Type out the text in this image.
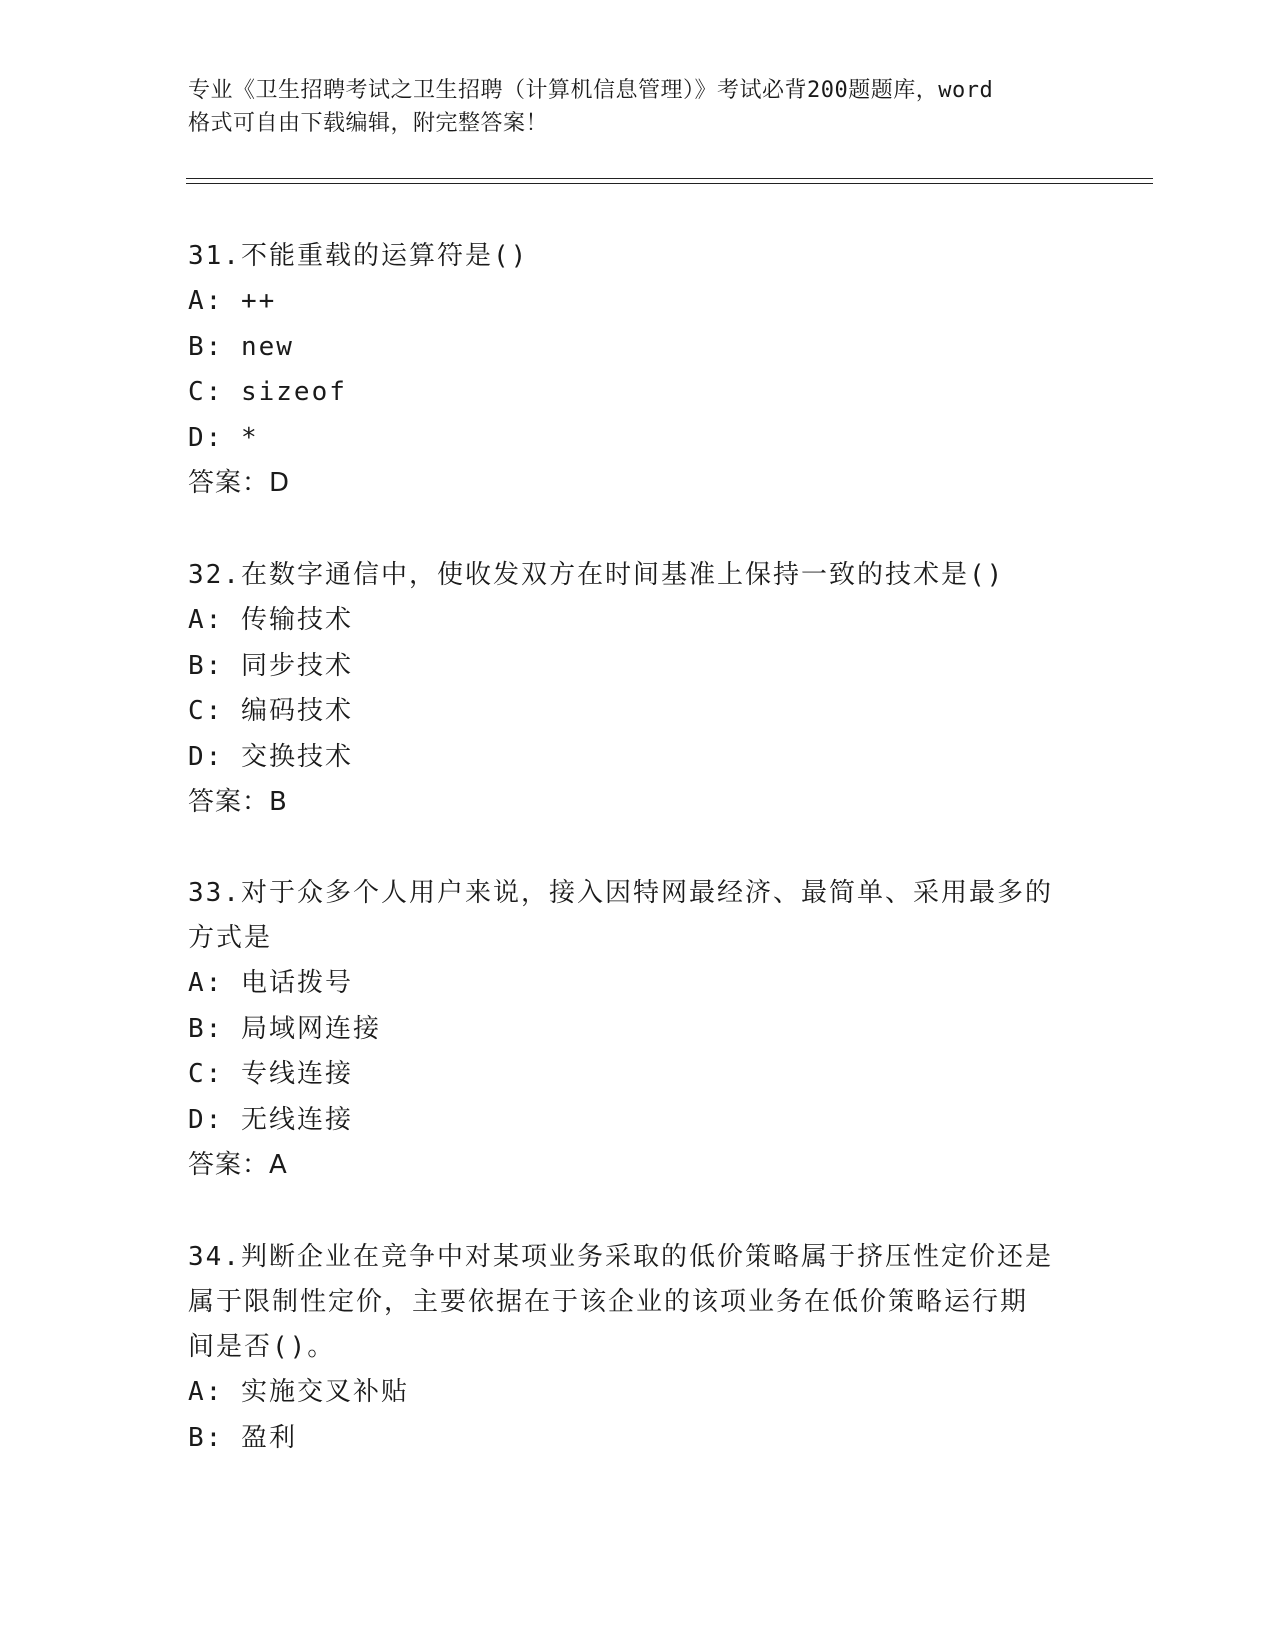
专业《卫生招聘考试之卫生招聘（计算机信息管理）》考试必背200题题库，word
格式可自由下载编辑，附完整答案！

31.不能重载的运算符是()

A: ++

B: new

C: sizeof

D: *

答案：D

32.在数字通信中，使收发双方在时间基准上保持一致的技术是()

A: 传输技术

B: 同步技术

C: 编码技术

D: 交换技术

答案：B

33.对于众多个人用户来说，接入因特网最经济、最简单、采用最多的

方式是

A: 电话拨号

B: 局域网连接

C: 专线连接

D: 无线连接

答案：A

34.判断企业在竞争中对某项业务采取的低价策略属于挤压性定价还是

属于限制性定价，主要依据在于该企业的该项业务在低价策略运行期

间是否()。

A: 实施交叉补贴

B: 盈利
